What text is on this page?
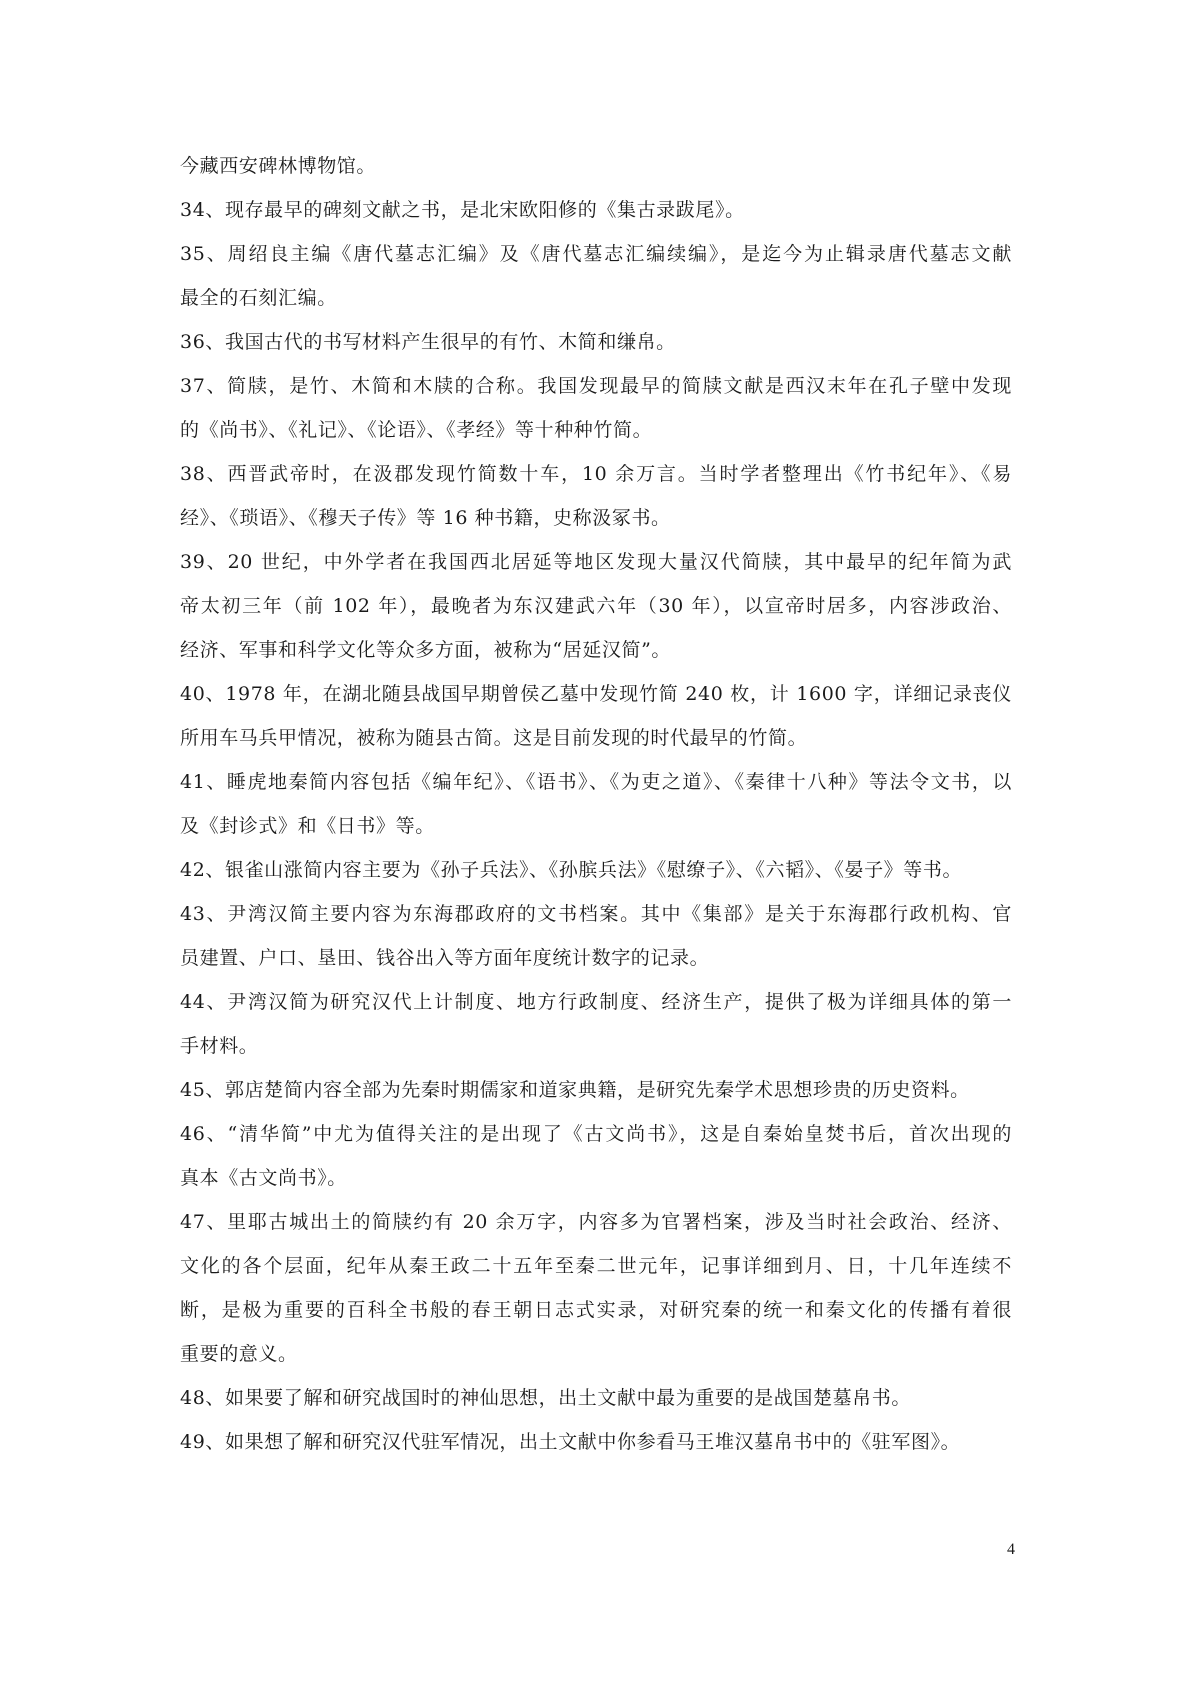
今藏西安碑林博物馆。
34、现存最早的碑刻文献之书，是北宋欧阳修的《集古录跋尾》。
35、周绍良主编《唐代墓志汇编》及《唐代墓志汇编续编》，是迄今为止辑录唐代墓志文献
最全的石刻汇编。
36、我国古代的书写材料产生很早的有竹、木简和缣帛。
37、简牍，是竹、木简和木牍的合称。我国发现最早的简牍文献是西汉末年在孔子壁中发现
的《尚书》、《礼记》、《论语》、《孝经》等十种种竹简。
38、西晋武帝时，在汲郡发现竹简数十车，10 余万言。当时学者整理出《竹书纪年》、《易
经》、《琐语》、《穆天子传》等 16 种书籍，史称汲冢书。
39、20 世纪，中外学者在我国西北居延等地区发现大量汉代简牍，其中最早的纪年简为武
帝太初三年（前 102 年），最晚者为东汉建武六年（30 年），以宣帝时居多，内容涉政治、
经济、军事和科学文化等众多方面，被称为“居延汉简”。
40、1978 年，在湖北随县战国早期曾侯乙墓中发现竹简 240 枚，计 1600 字，详细记录丧仪
所用车马兵甲情况，被称为随县古简。这是目前发现的时代最早的竹简。
41、睡虎地秦简内容包括《编年纪》、《语书》、《为吏之道》、《秦律十八种》等法令文书，以
及《封诊式》和《日书》等。
42、银雀山涨简内容主要为《孙子兵法》、《孙膑兵法》《慰缭子》、《六韬》、《晏子》等书。
43、尹湾汉简主要内容为东海郡政府的文书档案。其中《集部》是关于东海郡行政机构、官
员建置、户口、垦田、钱谷出入等方面年度统计数字的记录。
44、尹湾汉简为研究汉代上计制度、地方行政制度、经济生产，提供了极为详细具体的第一
手材料。
45、郭店楚简内容全部为先秦时期儒家和道家典籍，是研究先秦学术思想珍贵的历史资料。
46、“清华简”中尤为值得关注的是出现了《古文尚书》，这是自秦始皇焚书后，首次出现的
真本《古文尚书》。
47、里耶古城出土的简牍约有 20 余万字，内容多为官署档案，涉及当时社会政治、经济、
文化的各个层面，纪年从秦王政二十五年至秦二世元年，记事详细到月、日，十几年连续不
断，是极为重要的百科全书般的春王朝日志式实录，对研究秦的统一和秦文化的传播有着很
重要的意义。
48、如果要了解和研究战国时的神仙思想，出土文献中最为重要的是战国楚墓帛书。
49、如果想了解和研究汉代驻军情况，出土文献中你参看马王堆汉墓帛书中的《驻军图》。
4
